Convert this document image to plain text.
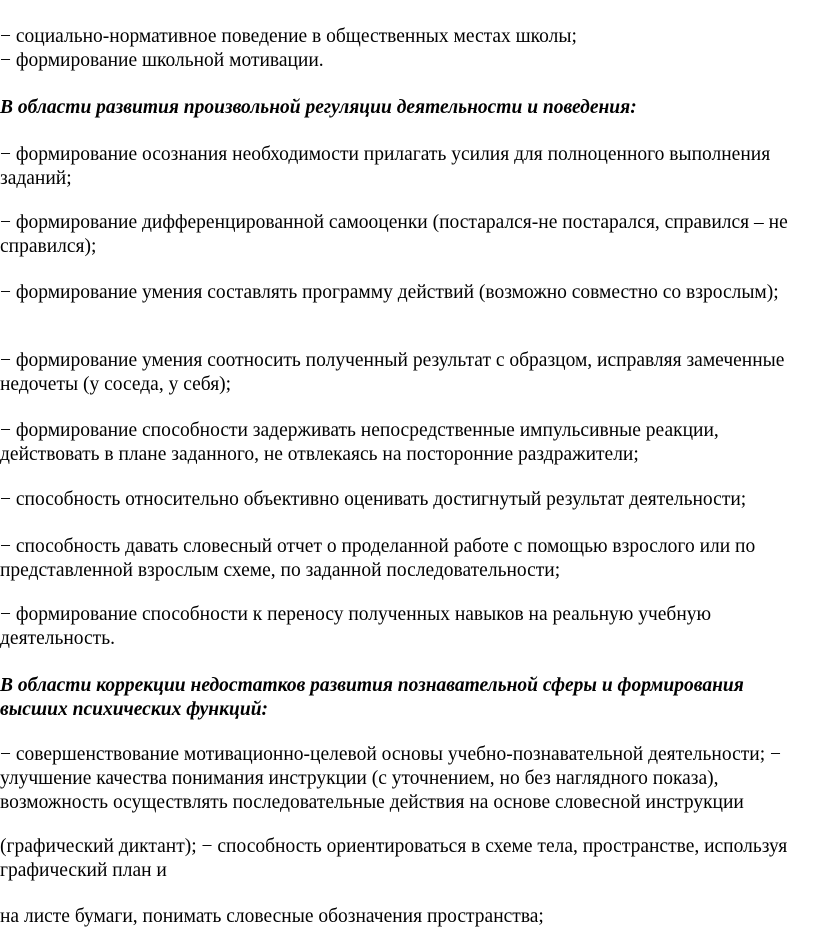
− социально-нормативное поведение в общественных местах школы;
− формирование школьной мотивации.
В области развития произвольной регуляции деятельности и поведения:
− формирование осознания необходимости прилагать усилия для полноценного выполнения
заданий;
− формирование дифференцированной самооценки (постарался-не постарался, справился – не
справился);
− формирование умения составлять программу действий (возможно совместно со взрослым);
− формирование умения соотносить полученный результат с образцом, исправляя замеченные
недочеты (у соседа, у себя);
− формирование способности задерживать непосредственные импульсивные реакции,
действовать в плане заданного, не отвлекаясь на посторонние раздражители;
− способность относительно объективно оценивать достигнутый результат деятельности;
− способность давать словесный отчет о проделанной работе с помощью взрослого или по
представленной взрослым схеме, по заданной последовательности;
− формирование способности к переносу полученных навыков на реальную учебную
деятельность.
В области коррекции недостатков развития познавательной сферы и формирования
высших психических функций:
− совершенствование мотивационно-целевой основы учебно-познавательной деятельности; −
улучшение качества понимания инструкции (с уточнением, но без наглядного показа),
возможность осуществлять последовательные действия на основе словесной инструкции
(графический диктант); − способность ориентироваться в схеме тела, пространстве, используя
графический план и
на листе бумаги, понимать словесные обозначения пространства;
